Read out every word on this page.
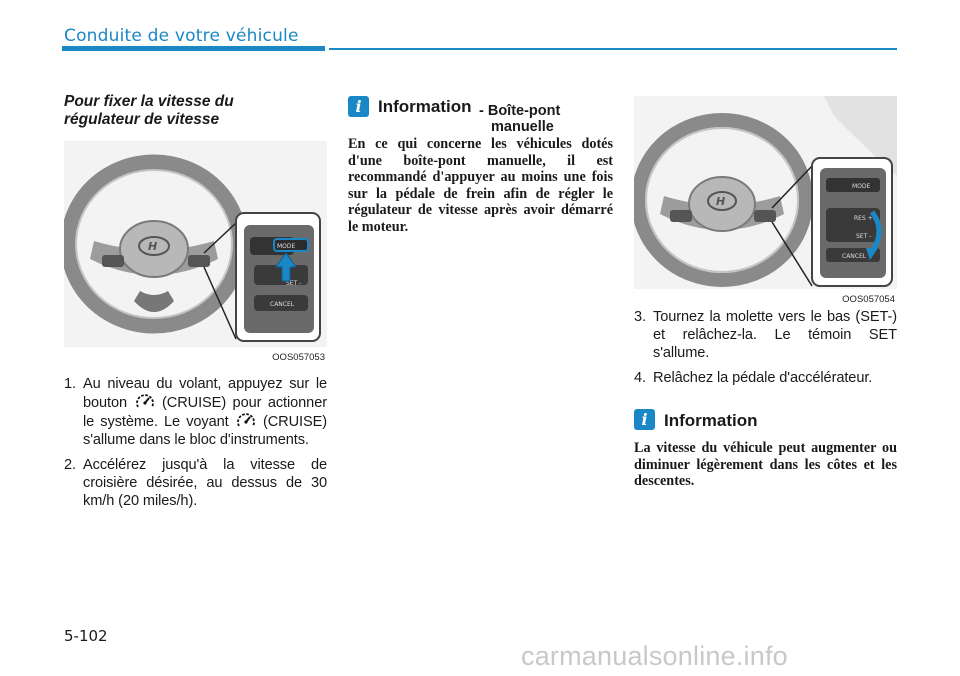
Conduite de votre véhicule

Pour fixer la vitesse du
régulateur de vitesse

H	MODE
SET -
CANCEL
OOS057053
1. Au niveau du volant, appuyez sur le bouton (CRUISE) pour actionner le système. Le voyant (CRUISE) s'allume dans le bloc d'instruments.
2. Accélérez jusqu'à la vitesse de croisière désirée, au dessus de 30 km/h (20 miles/h).
i Information - Boîte-pont
manuelle

En ce qui concerne les véhicules dotés d'une boîte-pont manuelle, il est recommandé d'appuyer au moins une fois sur la pédale de frein afin de régler le régulateur de vitesse après avoir démarré le moteur.

H
MODE
RES +
SET -
CANCEL
OOS057054
3. Tournez la molette vers le bas (SET-) et relâchez-la. Le témoin SET s'allume.
4. Relâchez la pédale d'accélérateur.
i Information

La vitesse du véhicule peut augmenter ou diminuer légèrement dans les côtes et les descentes.

5-102
carmanualsonline.info
